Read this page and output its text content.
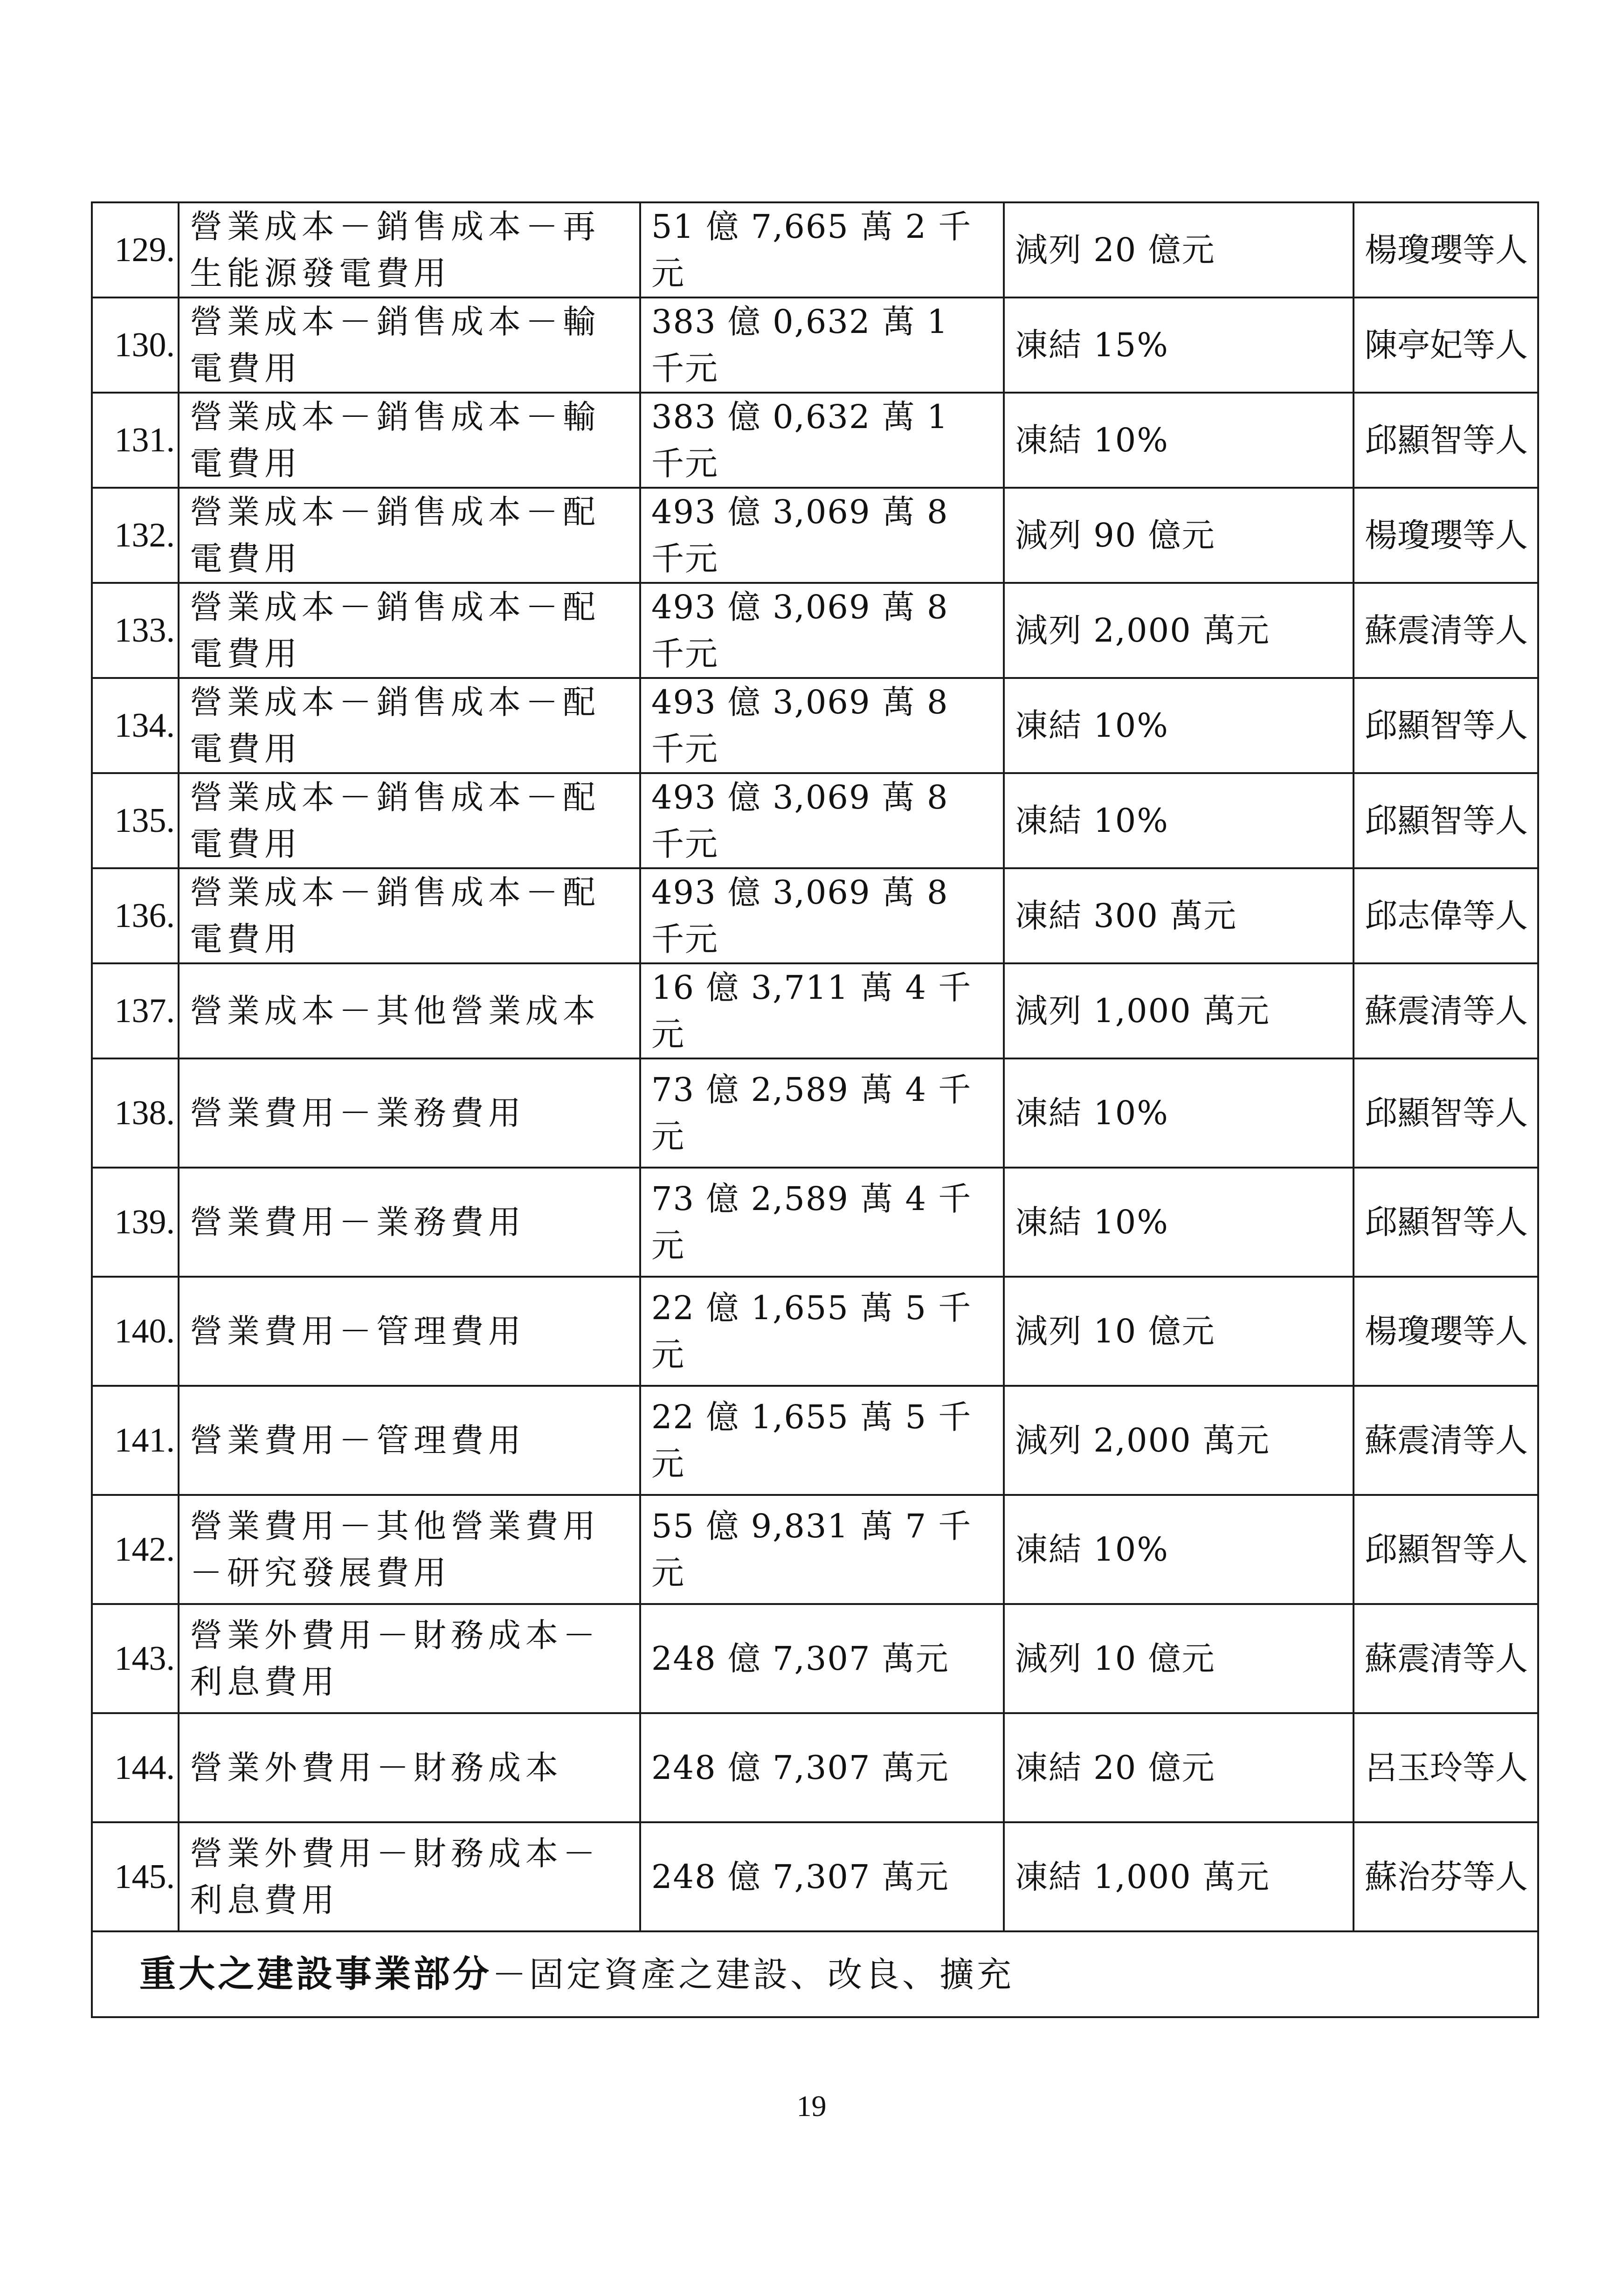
129.	營業成本－銷售成本－再生能源發電費用	51 億 7,665 萬 2 千元	減列 20 億元	楊瓊瓔等人
130.	營業成本－銷售成本－輸電費用	383 億 0,632 萬 1 千元	凍結 15%	陳亭妃等人
131.	營業成本－銷售成本－輸電費用	383 億 0,632 萬 1 千元	凍結 10%	邱顯智等人
132.	營業成本－銷售成本－配電費用	493 億 3,069 萬 8 千元	減列 90 億元	楊瓊瓔等人
133.	營業成本－銷售成本－配電費用	493 億 3,069 萬 8 千元	減列 2,000 萬元	蘇震清等人
134.	營業成本－銷售成本－配電費用	493 億 3,069 萬 8 千元	凍結 10%	邱顯智等人
135.	營業成本－銷售成本－配電費用	493 億 3,069 萬 8 千元	凍結 10%	邱顯智等人
136.	營業成本－銷售成本－配電費用	493 億 3,069 萬 8 千元	凍結 300 萬元	邱志偉等人
137.	營業成本－其他營業成本	16 億 3,711 萬 4 千元	減列 1,000 萬元	蘇震清等人
138.	營業費用－業務費用	73 億 2,589 萬 4 千元	凍結 10%	邱顯智等人
139.	營業費用－業務費用	73 億 2,589 萬 4 千元	凍結 10%	邱顯智等人
140.	營業費用－管理費用	22 億 1,655 萬 5 千元	減列 10 億元	楊瓊瓔等人
141.	營業費用－管理費用	22 億 1,655 萬 5 千元	減列 2,000 萬元	蘇震清等人
142.	營業費用－其他營業費用－研究發展費用	55 億 9,831 萬 7 千元	凍結 10%	邱顯智等人
143.	營業外費用－財務成本－利息費用	248 億 7,307 萬元	減列 10 億元	蘇震清等人
144.	營業外費用－財務成本	248 億 7,307 萬元	凍結 20 億元	呂玉玲等人
145.	營業外費用－財務成本－利息費用	248 億 7,307 萬元	凍結 1,000 萬元	蘇治芬等人
重大之建設事業部分－固定資產之建設、改良、擴充				
19
